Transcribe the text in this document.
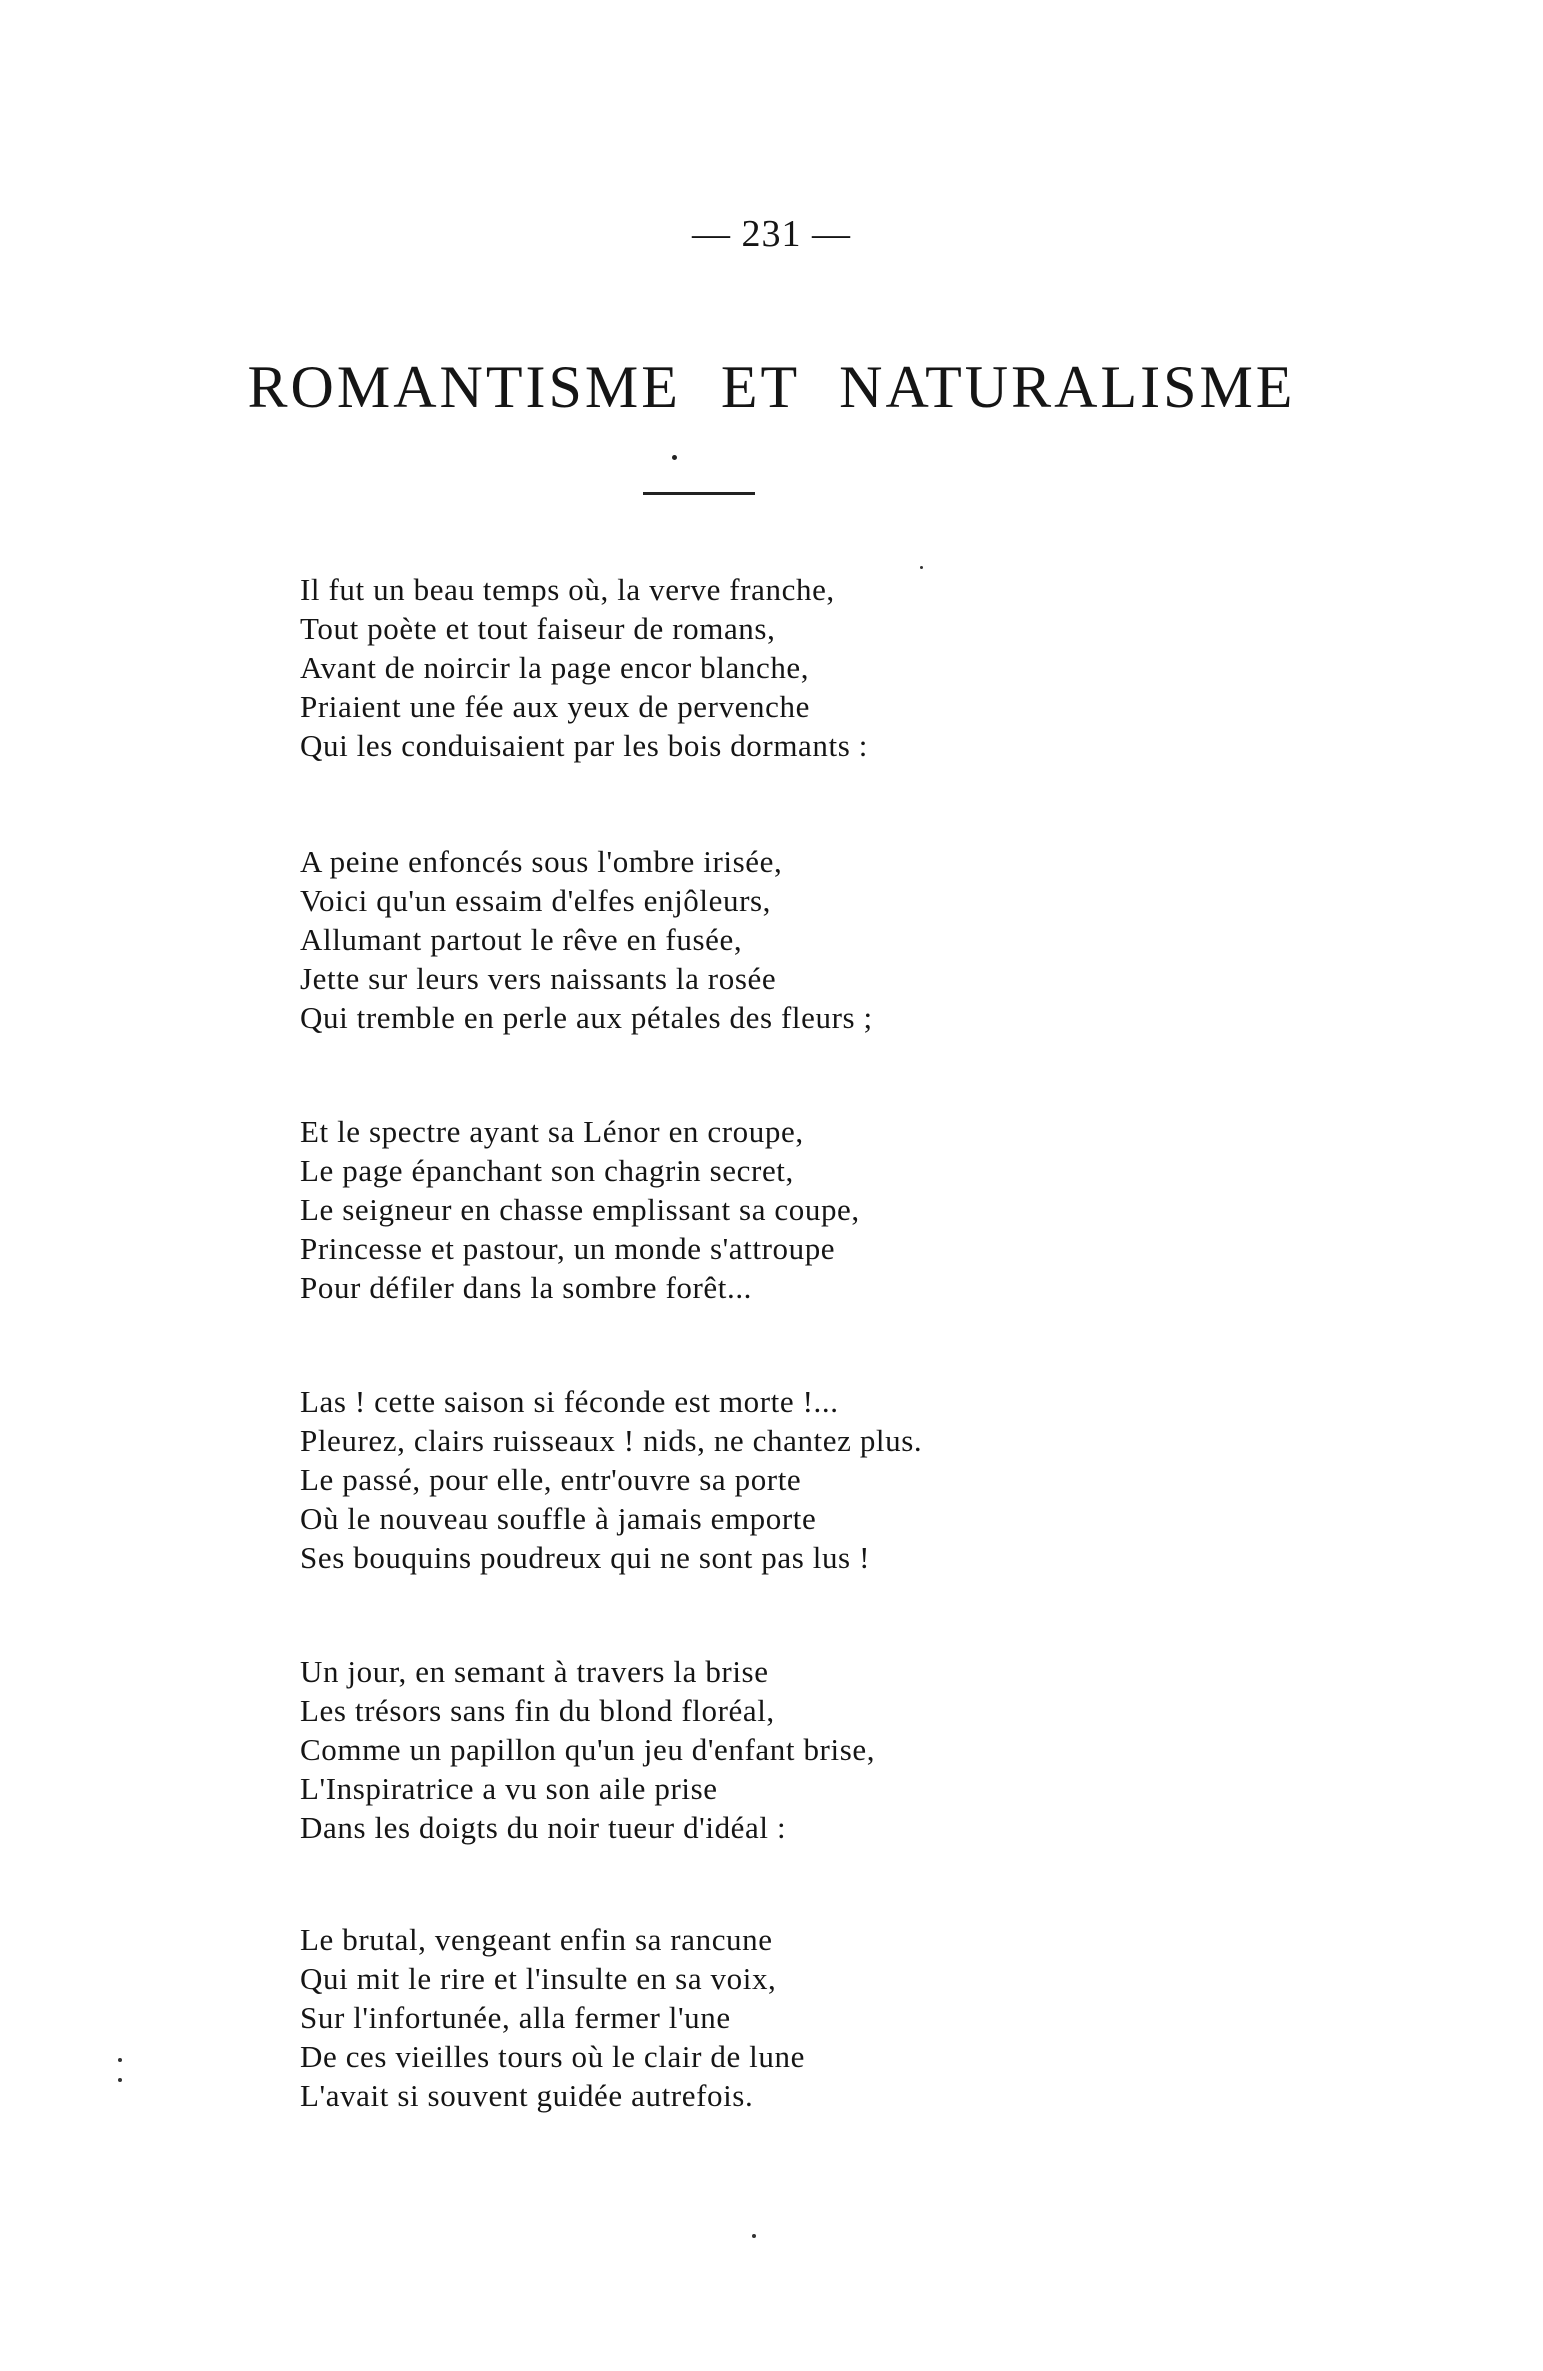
— 231 —
ROMANTISME ET NATURALISME
Il fut un beau temps où, la verve franche,
Tout poète et tout faiseur de romans,
Avant de noircir la page encor blanche,
Priaient une fée aux yeux de pervenche
Qui les conduisaient par les bois dormants :
A peine enfoncés sous l'ombre irisée,
Voici qu'un essaim d'elfes enjôleurs,
Allumant partout le rêve en fusée,
Jette sur leurs vers naissants la rosée
Qui tremble en perle aux pétales des fleurs ;
Et le spectre ayant sa Lénor en croupe,
Le page épanchant son chagrin secret,
Le seigneur en chasse emplissant sa coupe,
Princesse et pastour, un monde s'attroupe
Pour défiler dans la sombre forêt...
Las ! cette saison si féconde est morte !...
Pleurez, clairs ruisseaux ! nids, ne chantez plus.
Le passé, pour elle, entr'ouvre sa porte
Où le nouveau souffle à jamais emporte
Ses bouquins poudreux qui ne sont pas lus !
Un jour, en semant à travers la brise
Les trésors sans fin du blond floréal,
Comme un papillon qu'un jeu d'enfant brise,
L'Inspiratrice a vu son aile prise
Dans les doigts du noir tueur d'idéal :
Le brutal, vengeant enfin sa rancune
Qui mit le rire et l'insulte en sa voix,
Sur l'infortunée, alla fermer l'une
De ces vieilles tours où le clair de lune
L'avait si souvent guidée autrefois.
